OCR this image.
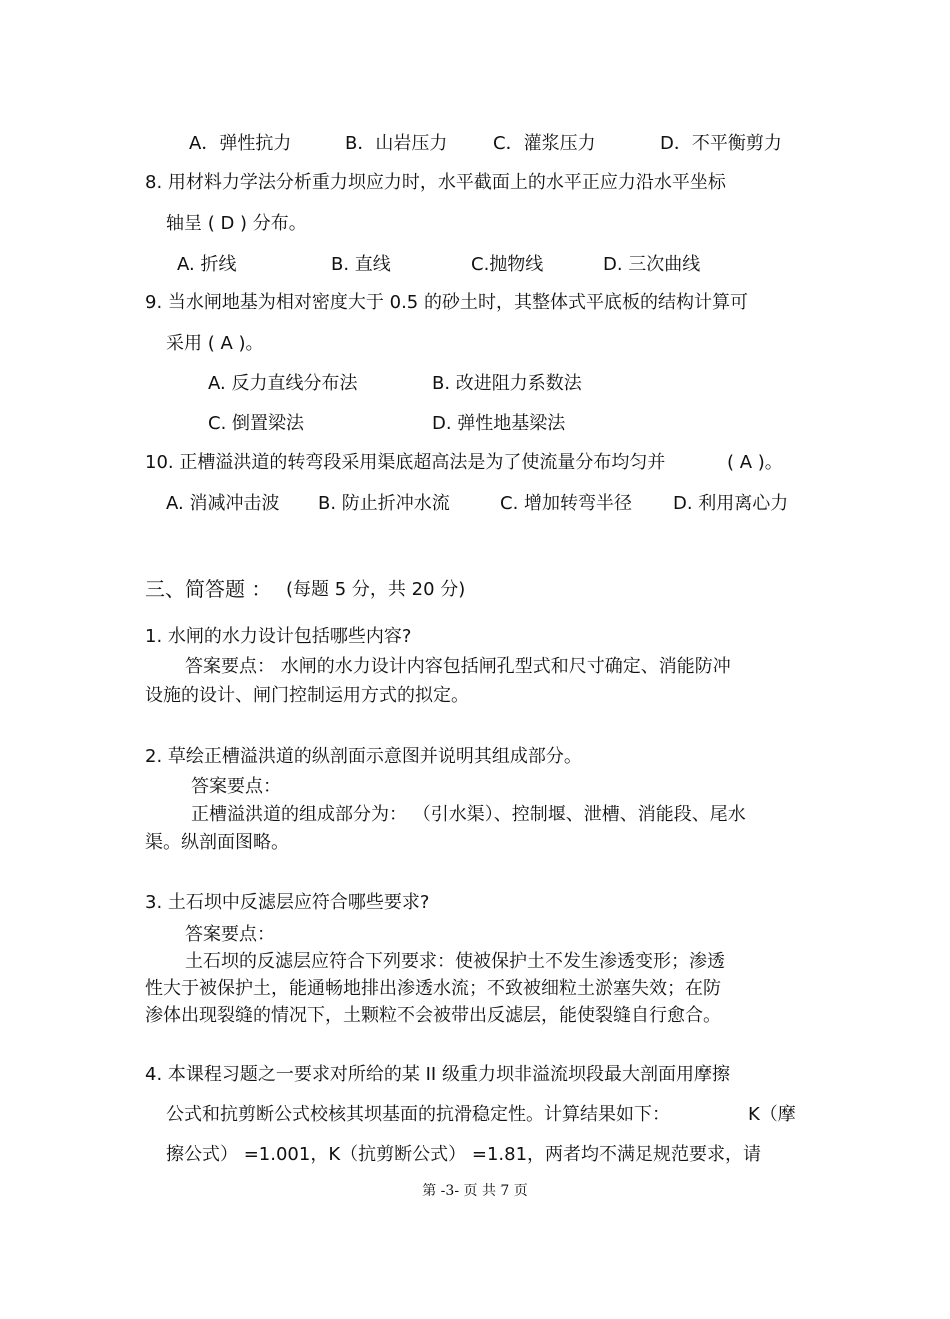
A．弹性抗力	B．山岩压力	C．灌浆压力	D．不平衡剪力
8. 用材料力学法分析重力坝应力时，水平截面上的水平正应力沿水平坐标
轴呈 ( D ) 分布。
A. 折线	B. 直线	C.抛物线	D. 三次曲线
9. 当水闸地基为相对密度大于 0.5 的砂土时，其整体式平底板的结构计算可
采用 ( A )。
A. 反力直线分布法	B. 改进阻力系数法
C. 倒置梁法	D. 弹性地基梁法
10. 正槽溢洪道的转弯段采用渠底超高法是为了使流量分布均匀并	( A )。
A. 消减冲击波 B. 防止折冲水流	C. 增加转弯半径 D. 利用离心力
三、简答题 ： (每题 5 分，共 20 分)
1. 水闸的水力设计包括哪些内容?
答案要点： 水闸的水力设计内容包括闸孔型式和尺寸确定、消能防冲
设施的设计、闸门控制运用方式的拟定。
2. 草绘正槽溢洪道的纵剖面示意图并说明其组成部分。
答案要点：
正槽溢洪道的组成部分为： （引水渠）、控制堰、泄槽、消能段、尾水
渠。纵剖面图略。
3. 土石坝中反滤层应符合哪些要求?
答案要点：
土石坝的反滤层应符合下列要求：使被保护土不发生渗透变形；渗透
性大于被保护土，能通畅地排出渗透水流；不致被细粒土淤塞失效；在防
渗体出现裂缝的情况下，土颗粒不会被带出反滤层，能使裂缝自行愈合。
4. 本课程习题之一要求对所给的某 II 级重力坝非溢流坝段最大剖面用摩擦
公式和抗剪断公式校核其坝基面的抗滑稳定性。计算结果如下：	K（摩
擦公式） =1.001，K（抗剪断公式） =1.81，两者均不满足规范要求，请
第 -3- 页 共 7 页
